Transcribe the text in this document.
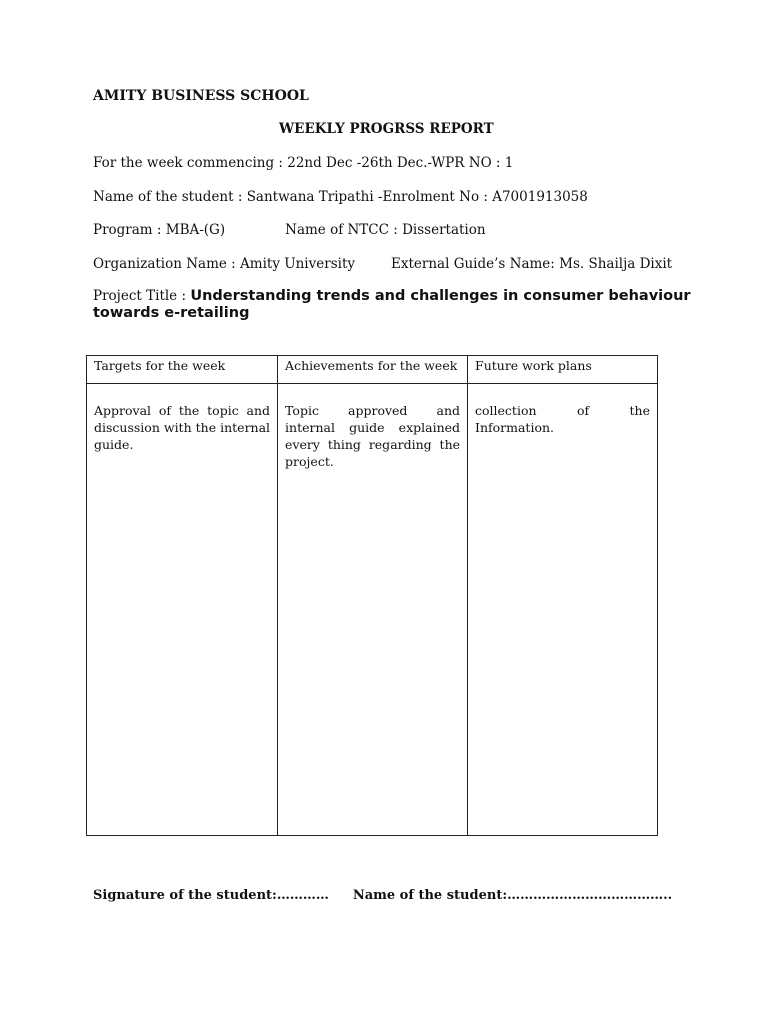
AMITY BUSINESS SCHOOL
WEEKLY PROGRSS REPORT
For the week commencing : 22nd Dec -26th Dec.-WPR NO : 1
Name of the student : Santwana Tripathi -Enrolment No : A7001913058
Program : MBA-(G)	Name of NTCC : Dissertation
Organization Name : Amity University	External Guide’s Name: Ms. Shailja Dixit
Project Title : Understanding trends and challenges in consumer behaviour towards e-retailing
Targets for the week	Achievements for the week	Future work plans
Approval of the topic and discussion with the internal guide.	Topic approved and internal guide explained every thing regarding the project.	collection of the Information.
Signature of the student:………… Name of the student:………………………………..
